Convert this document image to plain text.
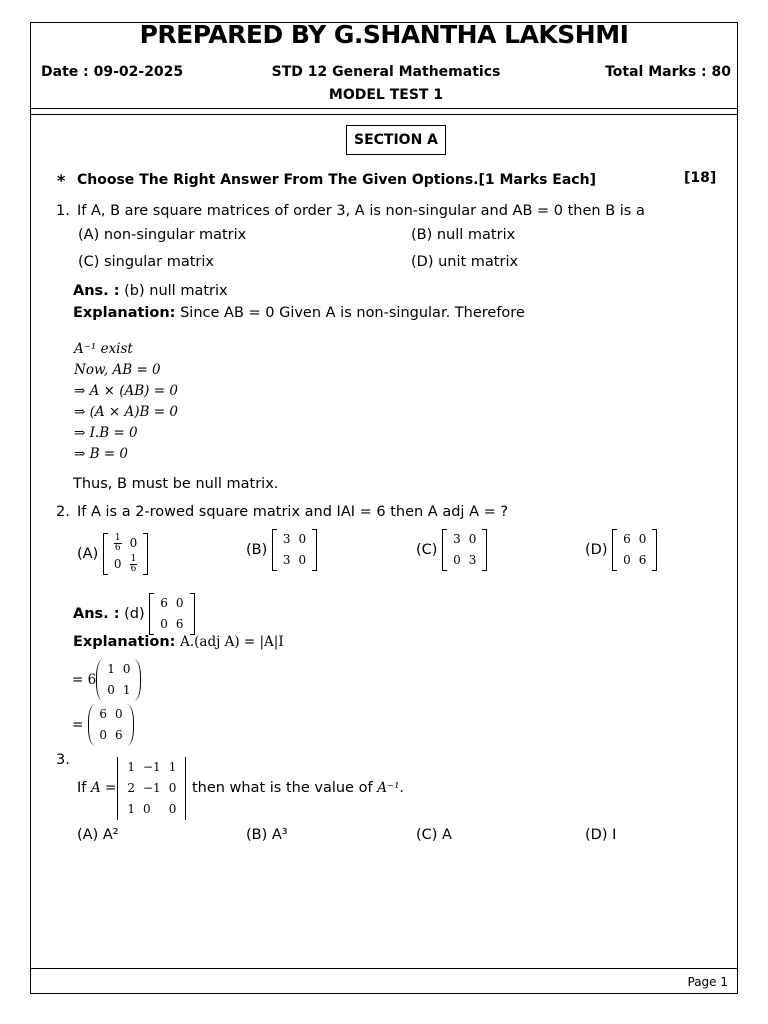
PREPARED BY G.SHANTHA LAKSHMI
Date : 09-02-2025	STD 12 General Mathematics	Total Marks : 80
MODEL TEST 1
SECTION A
* Choose The Right Answer From The Given Options.[1 Marks Each]	[18]
1. If A, B are square matrices of order 3, A is non-singular and AB = 0 then B is a
(A) non-singular matrix	(B) null matrix
(C) singular matrix	(D) unit matrix
Ans. : (b) null matrix
Explanation: Since AB = 0 Given A is non-singular. Therefore
A⁻¹ exist
Now, AB = 0
⇒ A × (AB) = 0
⇒ (A × A)B = 0
⇒ I.B = 0
⇒ B = 0
Thus, B must be null matrix.
2. If A is a 2-rowed square matrix and IAI = 6 then A adj A = ?
(A)

$\frac{1}{6}$	0
0	$\frac{1}{6}$
(B)

3	0
3	0
(C)

3	0
0	3
(D)

6	0
0	6
Ans. :
(d)

6	0
0	6
Explanation: A.(adj A) = |A|I
= 6
1	0
0	1
=

6	0
0	6
3.
If
A =
1	−1	1
2	−1	0
1	0	0

then what is the value of
A⁻¹.
(A) A²	(B) A³	(C) A	(D) I
Page 1
